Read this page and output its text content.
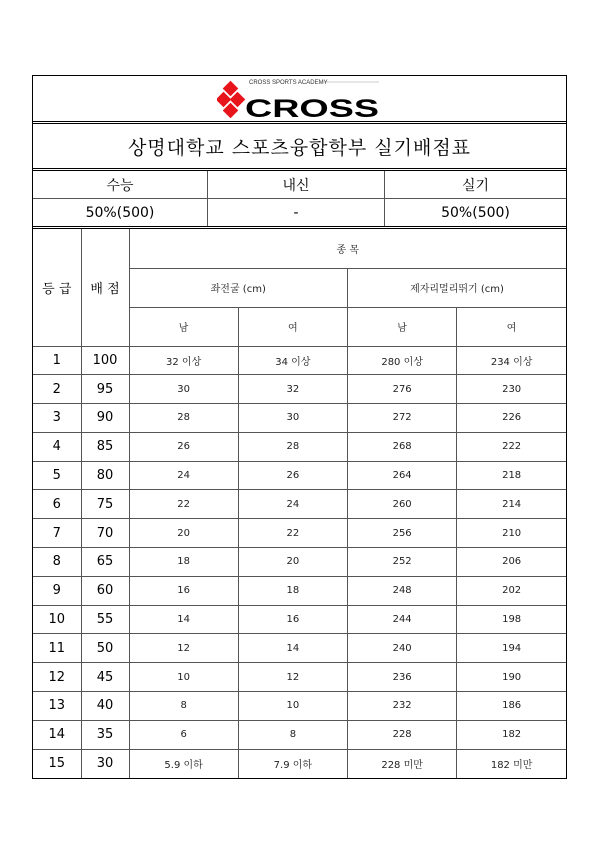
CROSS SPORTS ACADEMY
CROSS
상명대학교 스포츠융합학부 실기배점표
수능	내신	실기
50%(500)	-	50%(500)
등 급	배 점	종 목			
		좌전굴 (cm)		제자리멀리뛰기 (cm)	
		남	여	남	여
1	100	32 이상	34 이상	280 이상	234 이상
2	95	30	32	276	230
3	90	28	30	272	226
4	85	26	28	268	222
5	80	24	26	264	218
6	75	22	24	260	214
7	70	20	22	256	210
8	65	18	20	252	206
9	60	16	18	248	202
10	55	14	16	244	198
11	50	12	14	240	194
12	45	10	12	236	190
13	40	8	10	232	186
14	35	6	8	228	182
15	30	5.9 이하	7.9 이하	228 미만	182 미만
